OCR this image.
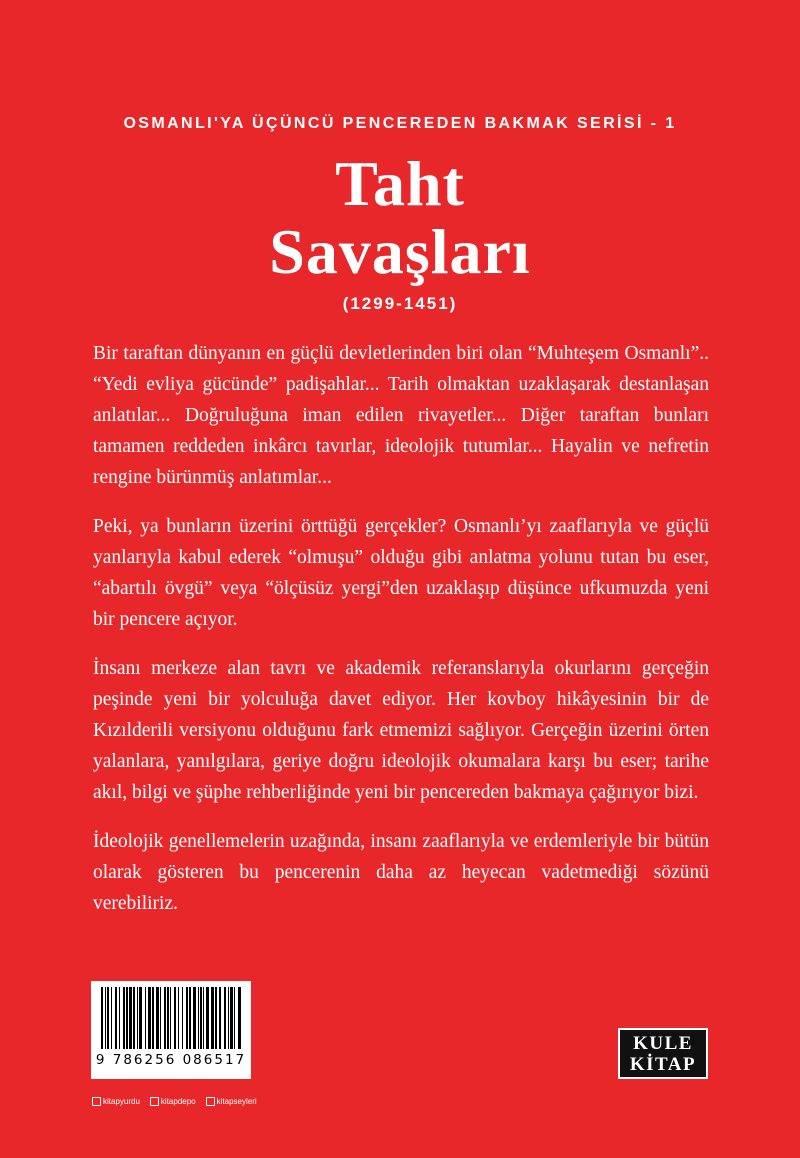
OSMANLI'YA ÜÇÜNCÜ PENCEREDEN BAKMAK SERİSİ - 1
Taht
Savaşları
(1299-1451)

Bir taraftan dünyanın en güçlü devletlerinden biri olan “Muhteşem Osmanlı”.. “Yedi evliya gücünde” padişahlar... Tarih olmaktan uzaklaşarak destanlaşan anlatılar... Doğruluğuna iman edilen rivayetler... Diğer taraftan bunları tamamen reddeden inkârcı tavırlar, ideolojik tutumlar... Hayalin ve nefretin rengine bürünmüş anlatımlar...

Peki, ya bunların üzerini örttüğü gerçekler? Osmanlı’yı zaaflarıyla ve güçlü yanlarıyla kabul ederek “olmuşu” olduğu gibi anlatma yolunu tutan bu eser, “abartılı övgü” veya “ölçüsüz yergi”den uzaklaşıp düşünce ufkumuzda yeni bir pencere açıyor.

İnsanı merkeze alan tavrı ve akademik referanslarıyla okurlarını gerçeğin peşinde yeni bir yolculuğa davet ediyor. Her kovboy hikâyesinin bir de Kızılderili versiyonu olduğunu fark etmemizi sağlıyor. Gerçeğin üzerini örten yalanlara, yanılgılara, geriye doğru ideolojik okumalara karşı bu eser; tarihe akıl, bilgi ve şüphe rehberliğinde yeni bir pencereden bakmaya çağırıyor bizi.

İdeolojik genellemelerin uzağında, insanı zaaflarıyla ve erdemleriyle bir bütün olarak gösteren bu pencerenin daha az heyecan vadetmediği sözünü verebiliriz.

9 786256 086517
kitapyurdu	kitapdepo	kitapseyleri
KULE
KİTAP
